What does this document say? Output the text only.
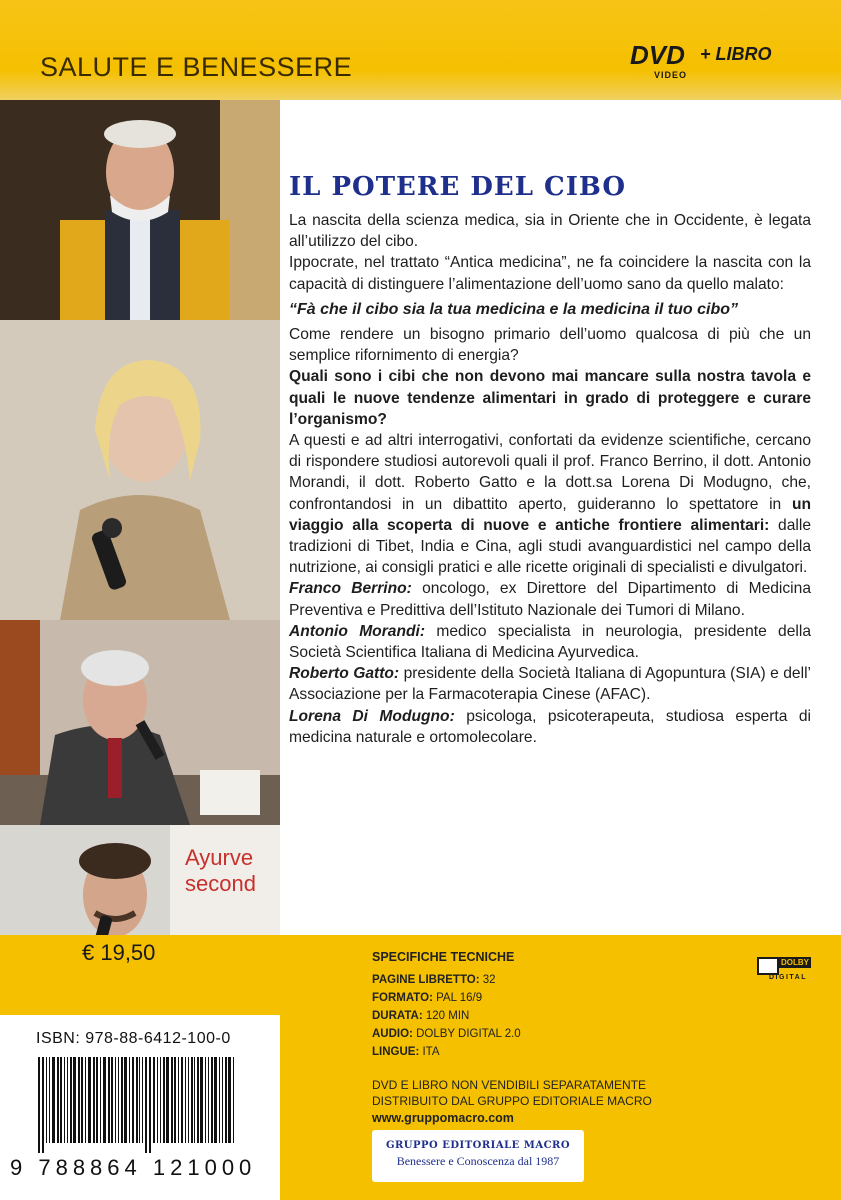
SALUTE E BENESSERE	DVD
VIDEO
+ LIBRO
Ayurve
second
IL POTERE DEL CIBO

La nascita della scienza medica, sia in Oriente che in Occidente, è legata all’utilizzo del cibo.

Ippocrate, nel trattato “Antica medicina”, ne fa coincidere la nascita con la capacità di distinguere l’alimentazione dell’uomo sano da quello malato:

“Fà che il cibo sia la tua medicina e la medicina il tuo cibo”

Come rendere un bisogno primario dell’uomo qualcosa di più che un semplice rifornimento di energia?

Quali sono i cibi che non devono mai mancare sulla nostra tavola e quali le nuove tendenze alimentari in grado di proteggere e curare l’organismo?

A questi e ad altri interrogativi, confortati da evidenze scientifiche, cercano di rispondere studiosi autorevoli quali il prof. Franco Berrino, il dott. Antonio Morandi, il dott. Roberto Gatto e la dott.sa Lorena Di Modugno, che, confrontandosi in un dibattito aperto, guideranno lo spettatore in un viaggio alla scoperta di nuove e antiche frontiere alimentari: dalle tradizioni di Tibet, India e Cina, agli studi avanguardistici nel campo della nutrizione, ai consigli pratici e alle ricette originali di specialisti e divulgatori.

Franco Berrino: oncologo, ex Direttore del Dipartimento di Medicina Preventiva e Predittiva dell’Istituto Nazionale dei Tumori di Milano.

Antonio Morandi: medico specialista in neurologia, presidente della Società Scientifica Italiana di Medicina Ayurvedica.

Roberto Gatto: presidente della Società Italiana di Agopuntura (SIA) e dell’ Associazione per la Farmacoterapia Cinese (AFAC).

Lorena Di Modugno: psicologa, psicoterapeuta, studiosa esperta di medicina naturale e ortomolecolare.

€ 19,50
ISBN: 978-88-6412-100-0
9 788864 121000
SPECIFICHE TECNICHE
PAGINE LIBRETTO: 32
FORMATO: PAL 16/9
DURATA: 120 MIN
AUDIO: DOLBY DIGITAL 2.0
LINGUE: ITA
DOLBY
DIGITAL
DVD E LIBRO NON VENDIBILI SEPARATAMENTE
DISTRIBUITO DAL GRUPPO EDITORIALE MACRO
www.gruppomacro.com
GRUPPO EDITORIALE MACRO
Benessere e Conoscenza dal 1987
